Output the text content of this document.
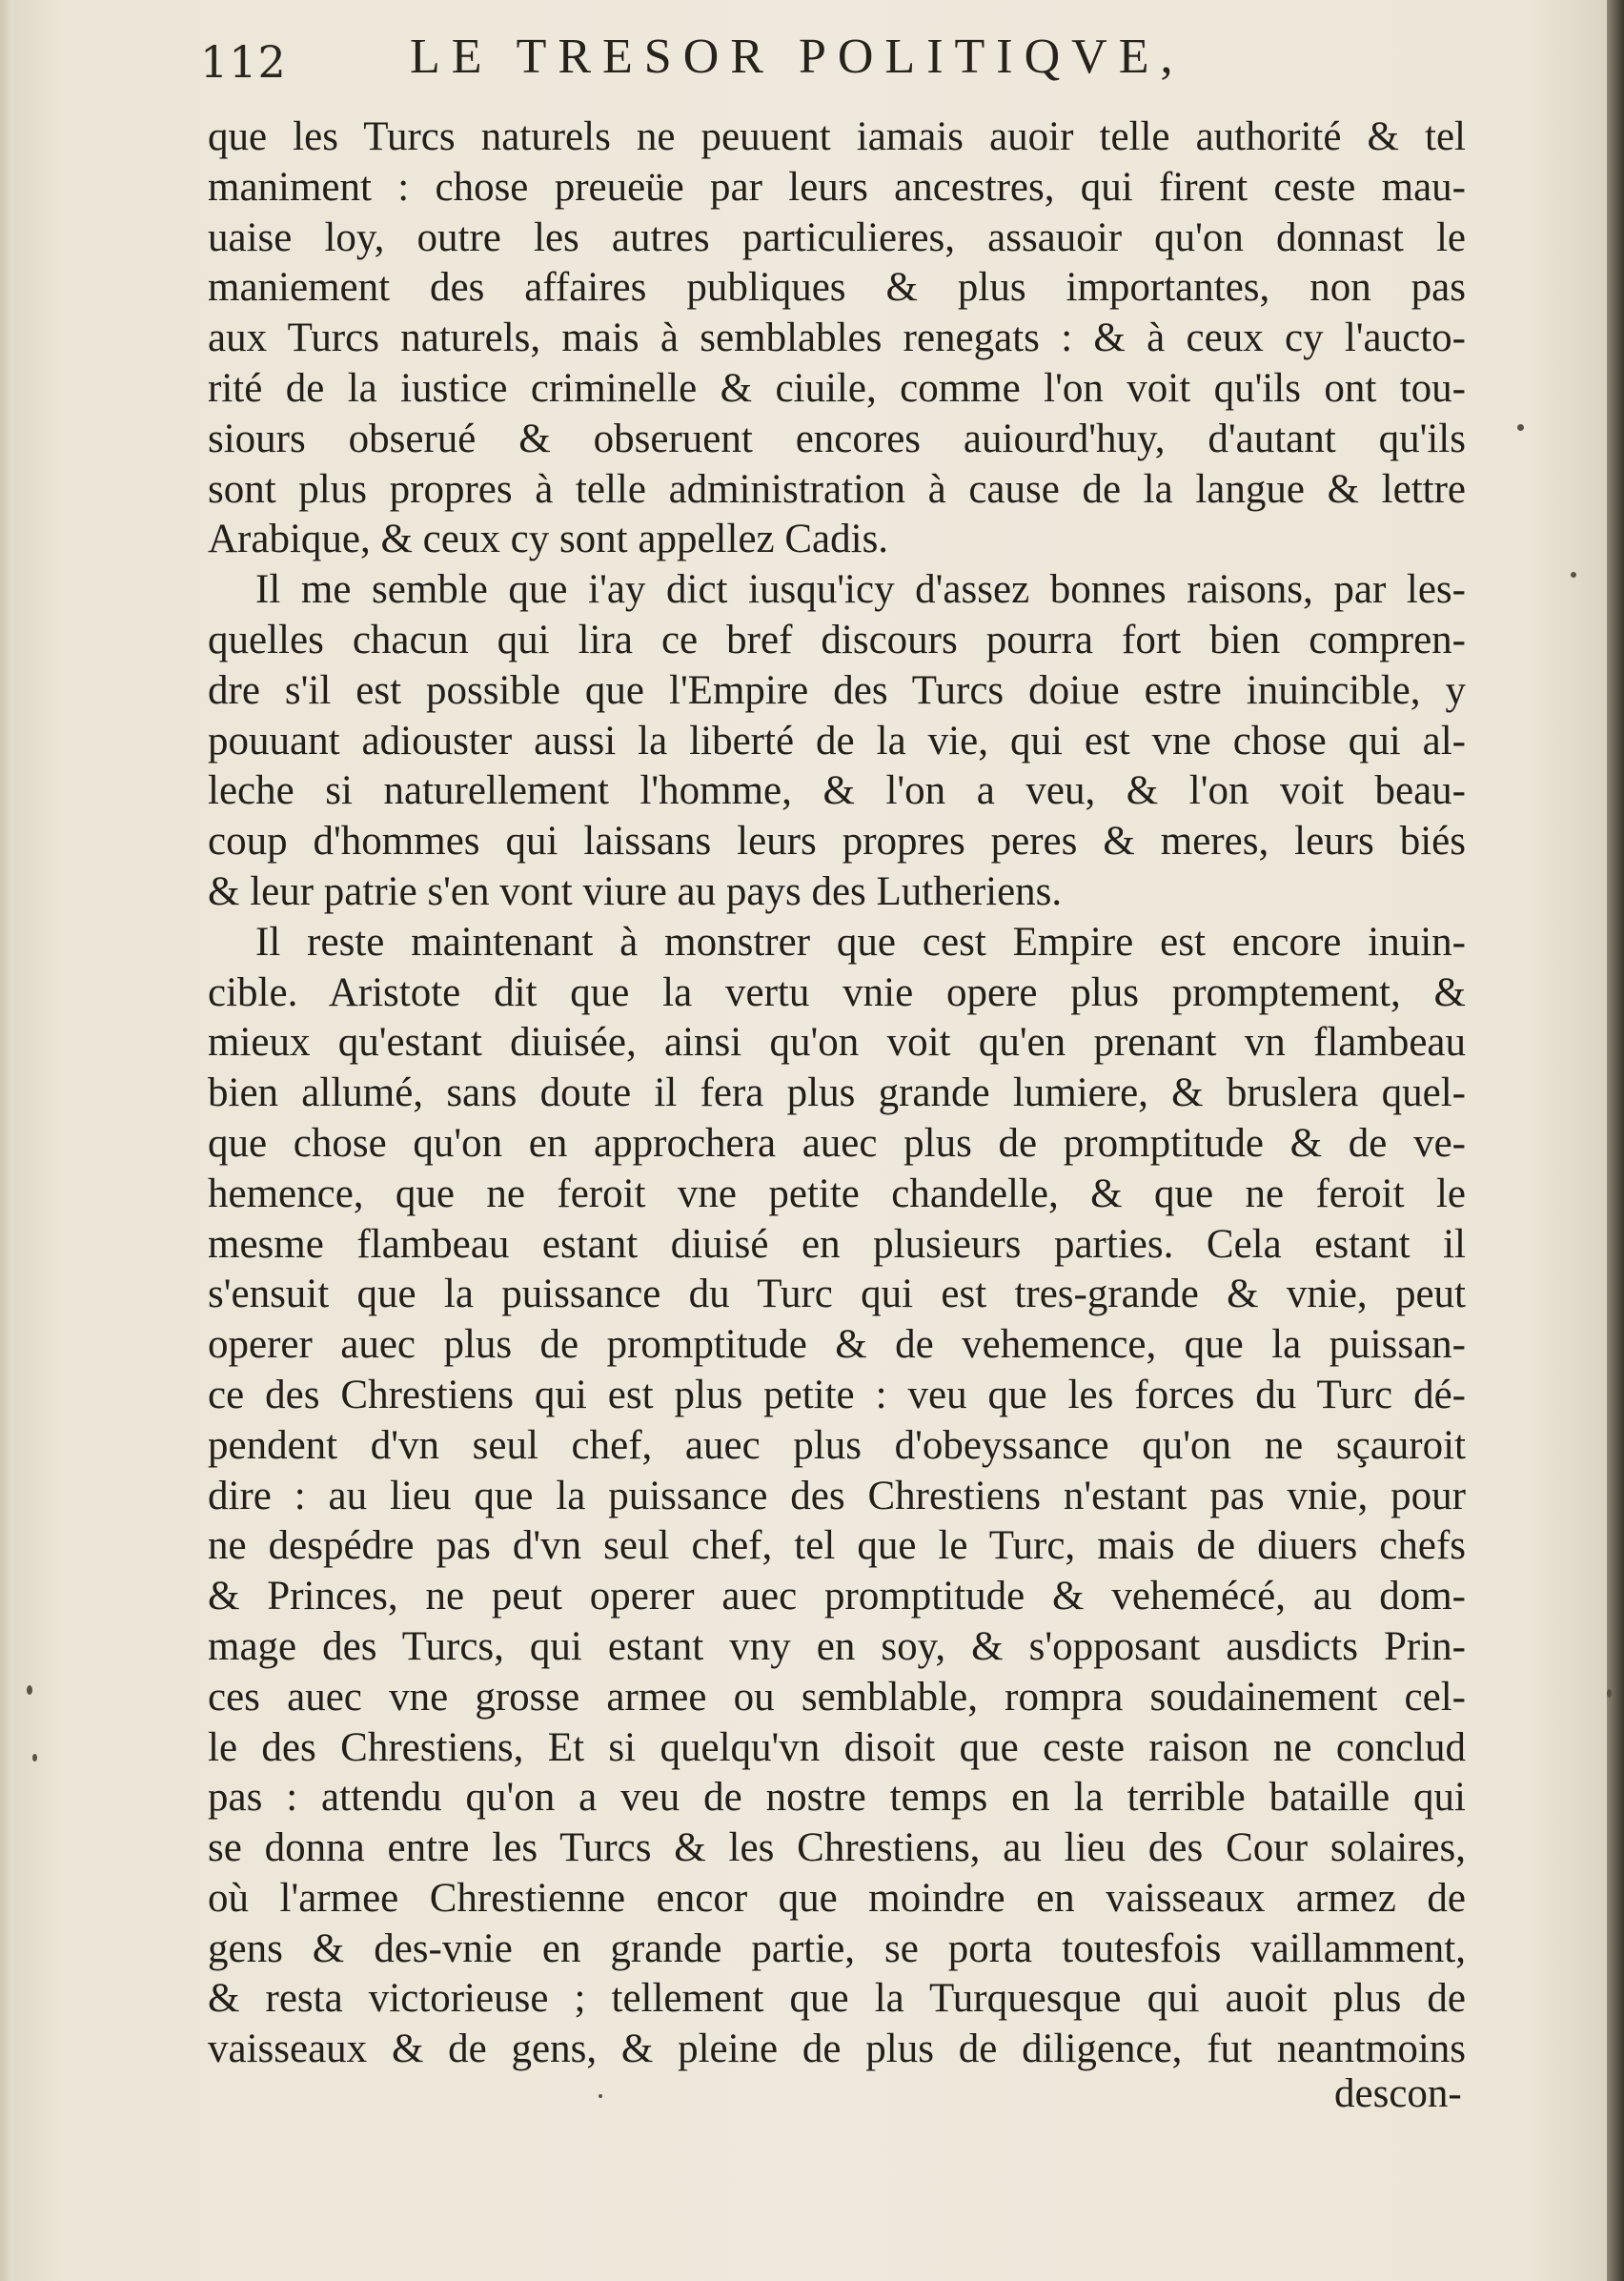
112 LE TRESOR POLITIQVE,
que les Turcs naturels ne peuuent iamais auoir telle authorité & tel
maniment : chose preueüe par leurs ancestres, qui firent ceste mau-
uaise loy, outre les autres particulieres, assauoir qu'on donnast le
maniement des affaires publiques & plus importantes, non pas
aux Turcs naturels, mais à semblables renegats : & à ceux cy l'aucto-
rité de la iustice criminelle & ciuile, comme l'on voit qu'ils ont tou-
siours obserué & obseruent encores auiourd'huy, d'autant qu'ils
sont plus propres à telle administration à cause de la langue & lettre
Arabique, & ceux cy sont appellez Cadis.
Il me semble que i'ay dict iusqu'icy d'assez bonnes raisons, par les-
quelles chacun qui lira ce bref discours pourra fort bien compren-
dre s'il est possible que l'Empire des Turcs doiue estre inuincible, y
pouuant adiouster aussi la liberté de la vie, qui est vne chose qui al-
leche si naturellement l'homme, & l'on a veu, & l'on voit beau-
coup d'hommes qui laissans leurs propres peres & meres, leurs biés
& leur patrie s'en vont viure au pays des Lutheriens.
Il reste maintenant à monstrer que cest Empire est encore inuin-
cible. Aristote dit que la vertu vnie opere plus promptement, &
mieux qu'estant diuisée, ainsi qu'on voit qu'en prenant vn flambeau
bien allumé, sans doute il fera plus grande lumiere, & bruslera quel-
que chose qu'on en approchera auec plus de promptitude & de ve-
hemence, que ne feroit vne petite chandelle, & que ne feroit le
mesme flambeau estant diuisé en plusieurs parties. Cela estant il
s'ensuit que la puissance du Turc qui est tres-grande & vnie, peut
operer auec plus de promptitude & de vehemence, que la puissan-
ce des Chrestiens qui est plus petite : veu que les forces du Turc dé-
pendent d'vn seul chef, auec plus d'obeyssance qu'on ne sçauroit
dire : au lieu que la puissance des Chrestiens n'estant pas vnie, pour
ne despédre pas d'vn seul chef, tel que le Turc, mais de diuers chefs
& Princes, ne peut operer auec promptitude & vehemécé, au dom-
mage des Turcs, qui estant vny en soy, & s'opposant ausdicts Prin-
ces auec vne grosse armee ou semblable, rompra soudainement cel-
le des Chrestiens, Et si quelqu'vn disoit que ceste raison ne conclud
pas : attendu qu'on a veu de nostre temps en la terrible bataille qui
se donna entre les Turcs & les Chrestiens, au lieu des Cour solaires,
où l'armee Chrestienne encor que moindre en vaisseaux armez de
gens & des-vnie en grande partie, se porta toutesfois vaillamment,
& resta victorieuse ; tellement que la Turquesque qui auoit plus de
vaisseaux & de gens, & pleine de plus de diligence, fut neantmoins
descon-
